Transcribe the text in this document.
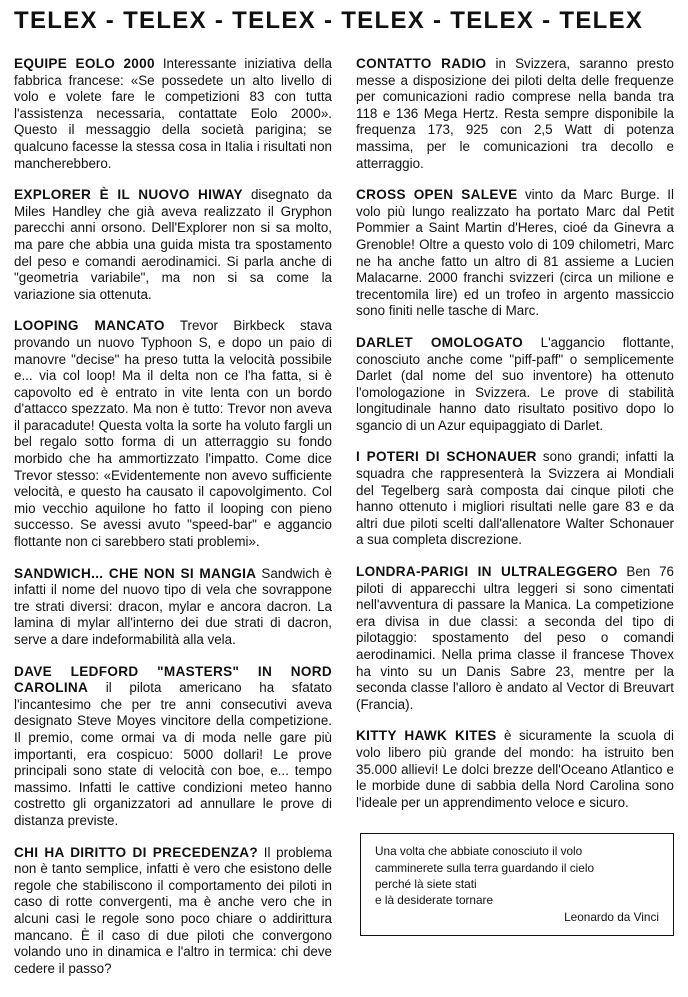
TELEX - TELEX - TELEX - TELEX - TELEX - TELEX

EQUIPE EOLO 2000 Interessante iniziativa della fabbrica francese: «Se possedete un alto livello di volo e volete fare le competizioni 83 con tutta l'assistenza necessaria, contattate Eolo 2000». Questo il messaggio della società parigina; se qualcuno facesse la stessa cosa in Italia i risultati non mancherebbero.

EXPLORER È IL NUOVO HIWAY disegnato da Miles Handley che già aveva realizzato il Gryphon parecchi anni orsono. Dell'Explorer non si sa molto, ma pare che abbia una guida mista tra spostamento del peso e comandi aerodinamici. Si parla anche di "geometria variabile", ma non si sa come la variazione sia ottenuta.

LOOPING MANCATO Trevor Birkbeck stava provando un nuovo Typhoon S, e dopo un paio di manovre "decise" ha preso tutta la velocità possibile e... via col loop! Ma il delta non ce l'ha fatta, si è capovolto ed è entrato in vite lenta con un bordo d'attacco spezzato. Ma non è tutto: Trevor non aveva il paracadute! Questa volta la sorte ha voluto fargli un bel regalo sotto forma di un atterraggio su fondo morbido che ha ammortizzato l'impatto. Come dice Trevor stesso: «Evidentemente non avevo sufficiente velocità, e questo ha causato il capovolgimento. Col mio vecchio aquilone ho fatto il looping con pieno successo. Se avessi avuto "speed-bar" e aggancio flottante non ci sarebbero stati problemi».

SANDWICH... CHE NON SI MANGIA Sandwich è infatti il nome del nuovo tipo di vela che sovrappone tre strati diversi: dracon, mylar e ancora dacron. La lamina di mylar all'interno dei due strati di dacron, serve a dare indeformabilità alla vela.

DAVE LEDFORD "MASTERS" IN NORD CAROLINA il pilota americano ha sfatato l'incantesimo che per tre anni consecutivi aveva designato Steve Moyes vincitore della competizione. Il premio, come ormai va di moda nelle gare più importanti, era cospicuo: 5000 dollari! Le prove principali sono state di velocità con boe, e... tempo massimo. Infatti le cattive condizioni meteo hanno costretto gli organizzatori ad annullare le prove di distanza previste.

CHI HA DIRITTO DI PRECEDENZA? Il problema non è tanto semplice, infatti è vero che esistono delle regole che stabiliscono il comportamento dei piloti in caso di rotte convergenti, ma è anche vero che in alcuni casi le regole sono poco chiare o addirittura mancano. È il caso di due piloti che convergono volando uno in dinamica e l'altro in termica: chi deve cedere il passo?

CONTATTO RADIO in Svizzera, saranno presto messe a disposizione dei piloti delta delle frequenze per comunicazioni radio comprese nella banda tra 118 e 136 Mega Hertz. Resta sempre disponibile la frequenza 173, 925 con 2,5 Watt di potenza massima, per le comunicazioni tra decollo e atterraggio.

CROSS OPEN SALEVE vinto da Marc Burge. Il volo più lungo realizzato ha portato Marc dal Petit Pommier a Saint Martin d'Heres, cioé da Ginevra a Grenoble! Oltre a questo volo di 109 chilometri, Marc ne ha anche fatto un altro di 81 assieme a Lucien Malacarne. 2000 franchi svizzeri (circa un milione e trecentomila lire) ed un trofeo in argento massiccio sono finiti nelle tasche di Marc.

DARLET OMOLOGATO L'aggancio flottante, conosciuto anche come "piff-paff" o semplicemente Darlet (dal nome del suo inventore) ha ottenuto l'omologazione in Svizzera. Le prove di stabilità longitudinale hanno dato risultato positivo dopo lo sgancio di un Azur equipaggiato di Darlet.

I POTERI DI SCHONAUER sono grandi; infatti la squadra che rappresenterà la Svizzera ai Mondiali del Tegelberg sarà composta dai cinque piloti che hanno ottenuto i migliori risultati nelle gare 83 e da altri due piloti scelti dall'allenatore Walter Schonauer a sua completa discrezione.

LONDRA-PARIGI IN ULTRALEGGERO Ben 76 piloti di apparecchi ultra leggeri si sono cimentati nell'avventura di passare la Manica. La competizione era divisa in due classi: a seconda del tipo di pilotaggio: spostamento del peso o comandi aerodinamici. Nella prima classe il francese Thovex ha vinto su un Danis Sabre 23, mentre per la seconda classe l'alloro è andato al Vector di Breuvart (Francia).

KITTY HAWK KITES è sicuramente la scuola di volo libero più grande del mondo: ha istruito ben 35.000 allievi! Le dolci brezze dell'Oceano Atlantico e le morbide dune di sabbia della Nord Carolina sono l'ideale per un apprendimento veloce e sicuro.

Una volta che abbiate conosciuto il volo
camminerete sulla terra guardando il cielo
perché là siete stati
e là desiderate tornare
Leonardo da Vinci
